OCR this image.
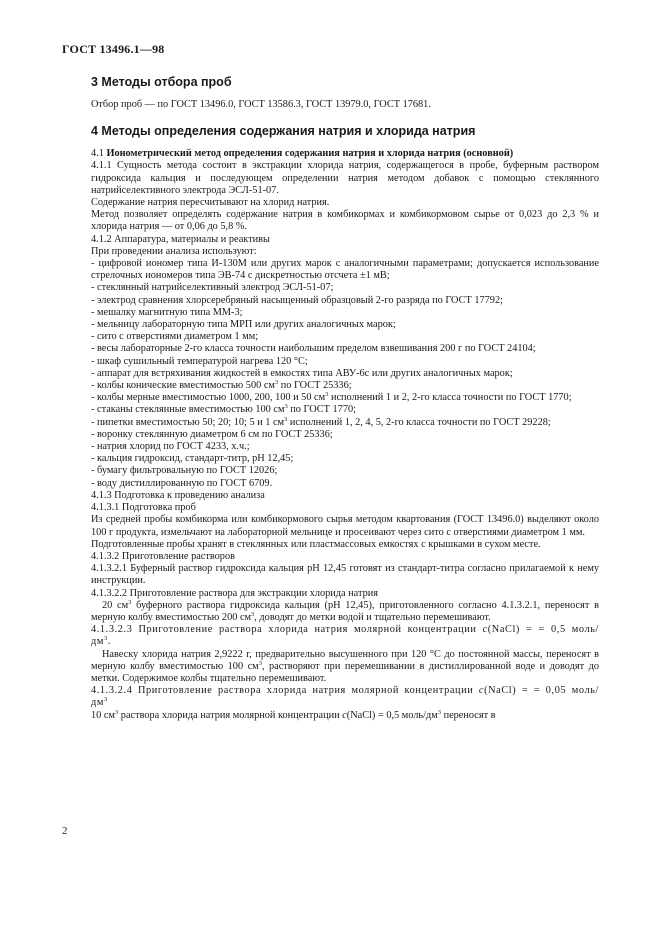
ГОСТ 13496.1—98
3 Методы отбора проб

Отбор проб — по ГОСТ 13496.0, ГОСТ 13586.3, ГОСТ 13979.0, ГОСТ 17681.

4 Методы определения содержания натрия и хлорида натрия

4.1 Ионометрический метод определения содержания натрия и хлорида натрия (основной)

4.1.1 Сущность метода состоит в экстракции хлорида натрия, содержащегося в пробе, буферным раствором гидроксида кальция и последующем определении натрия методом добавок с помощью стеклянного натрийселективного электрода ЭСЛ-51-07.

Содержание натрия пересчитывают на хлорид натрия.

Метод позволяет определять содержание натрия в комбикормах и комбикормовом сырье от 0,023 до 2,3 % и хлорида натрия — от 0,06 до 5,8 %.

4.1.2 Аппаратура, материалы и реактивы

При проведении анализа используют:

- цифровой иономер типа И-130М или других марок с аналогичными параметрами; допускается использование стрелочных иономеров типа ЭВ-74 с дискретностью отсчета ±1 мВ;

- стеклянный натрийселективный электрод ЭСЛ-51-07;

- электрод сравнения хлорсеребряный насыщенный образцовый 2-го разряда по ГОСТ 17792;

- мешалку магнитную типа ММ-3;

- мельницу лабораторную типа МРП или других аналогичных марок;

- сито с отверстиями диаметром 1 мм;

- весы лабораторные 2-го класса точности наибольшим пределом взвешивания 200 г по ГОСТ 24104;

- шкаф сушильный температурой нагрева 120 °С;

- аппарат для встряхивания жидкостей в емкостях типа АВУ-6с или других аналогичных марок;

- колбы конические вместимостью 500 $см^3$ по ГОСТ 25336;

- колбы мерные вместимостью 1000, 200, 100 и 50 $см^3$ исполнений 1 и 2, 2-го класса точности по ГОСТ 1770;

- стаканы стеклянные вместимостью 100 $см^3$ по ГОСТ 1770;

- пипетки вместимостью 50; 20; 10; 5 и 1 $см^3$ исполнений 1, 2, 4, 5, 2-го класса точности по ГОСТ 29228;

- воронку стеклянную диаметром 6 см по ГОСТ 25336;

- натрия хлорид по ГОСТ 4233, х.ч.;

- кальция гидроксид, стандарт-титр, рН 12,45;

- бумагу фильтровальную по ГОСТ 12026;

- воду дистиллированную по ГОСТ 6709.

4.1.3 Подготовка к проведению анализа

4.1.3.1 Подготовка проб

Из средней пробы комбикорма или комбикормового сырья методом квартования (ГОСТ 13496.0) выделяют около 100 г продукта, измельчают на лабораторной мельнице и просеивают через сито с отверстиями диаметром 1 мм.

Подготовленные пробы хранят в стеклянных или пластмассовых емкостях с крышками в сухом месте.

4.1.3.2 Приготовление растворов

4.1.3.2.1 Буферный раствор гидроксида кальция рН 12,45 готовят из стандарт-титра согласно прилагаемой к нему инструкции.

4.1.3.2.2 Приготовление раствора для экстракции хлорида натрия

20 $см^3$ буферного раствора гидроксида кальция (рН 12,45), приготовленного согласно 4.1.3.2.1, переносят в мерную колбу вместимостью 200 $см^3$, доводят до метки водой и тщательно перемешивают.

4.1.3.2.3 Приготовление раствора хлорида натрия молярной концентрации c(NaCl) = = 0,5 моль/$дм^3$.

Навеску хлорида натрия 2,9222 г, предварительно высушенного при 120 °С до постоянной массы, переносят в мерную колбу вместимостью 100 $см^3$, растворяют при перемешивании в дистиллированной воде и доводят до метки. Содержимое колбы тщательно перемешивают.

4.1.3.2.4 Приготовление раствора хлорида натрия молярной концентрации c(NaCl) = = 0,05 моль/$дм^3$

10 $см^3$ раствора хлорида натрия молярной концентрации c(NaCl) = 0,5 моль/$дм^3$ переносят в

2
